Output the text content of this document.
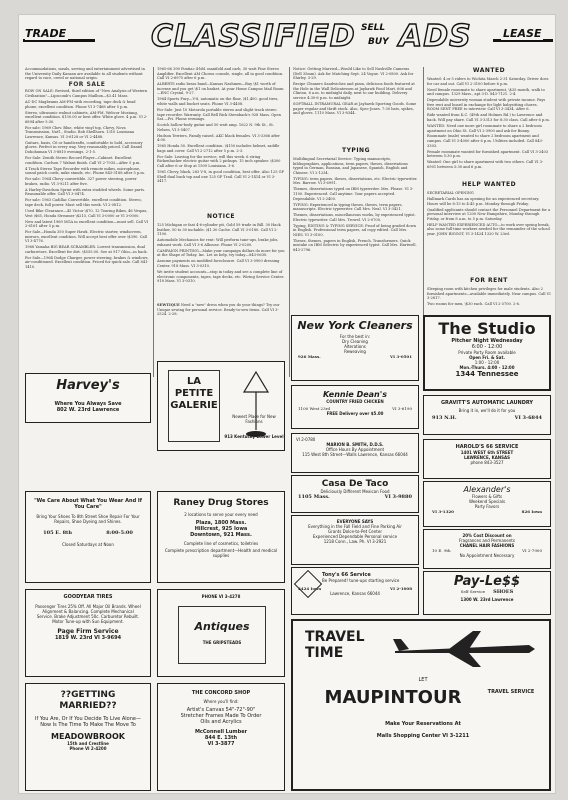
TRADE	CLASSIFIED SELL
BUY ADS	LEASE

Accommodations, meals, serving and entertainment advertised in the University Daily Kansan are available to all students without regard to race, creed or national origin.

FOR SALE

ROW ON SALE: Revised, third edition of "New Analysis of Western Civilization"—Lipscomb's Campus Mailbox—$3.41 Mass.

AC-DC Magbeams AM-FM with recording, tape deck & head phone, excellent condition. Phone VI 3-7468 after 5 p.m.

Stereo, ultrasonic walnut cabinets, AM-FM, Webcor Mustang, excellent condition. $150.00 or best offer. White glove. 4 p.m. VI 2-6894 after 5:30.

For sale: 1969 Chev. Blue, white vinyl top, Chevy, Nova Transmission, Nat'l., Studio. Bob Shellhorn. 1310 Louisiana Lawrence, Kansas. VI 3-6128 or VI 2-4488.

Guitars, basis, C6 or handicrafts, comfortable to hold, accessory gloves. Perfect in every way. Very reasonably priced. Call Daniel Dohohuman VI 3-8810 evenings. 2-1-5.

For Sale: Zenith Stereo Record Player—Cabinet. Excellent condition. Carlson 7 Walnut finish. Call VI 2-7935—After 5 p.m.

4 Track Stereo Tape Recorder with remote mikes, microphone, sound patch cords, mike stands, etc. Phone 843-3188 after 5 p.m.

For sale: 1964 Chevy convertible. 327 power steering, power brakes, radio. VI 3-9211 after five.

A Harley-Davidson Sprint with extra studded wheels. Some parts. Reasonable offer. Call VI 3-0474.

For sale: 1963 Cadillac Convertible, excellent condition. Stereo, tape deck, full power. Must sell this week. VI 2-0812.

Used Bike Clearance—45 Victor \$70, 12 Touring Bikes, 46 Vespas, Vest \$65, Honda Streamer \$215, Call VI 3-0000 or VI 3-0000.

New and latest 1969 MGA in excellent condition—must sell. Call VI 2-6161 after 5 p.m.

For Sale—Honda 350 Super Hawk. Electric starter, windscreen, mirrors, excellent condition. Will accept best offer over \$390. Call VI 3-4776.

1968 Yamaha BIG BEAR SCRAMBLER. Lowest transmission, dual carburetors. Excellent for dirt. \$555.00. See at 917 Ohio—in back.

For Sale—1964 Dodge Charger, power steering, brakes & windows, air-conditioned. Excellent condition. Priced for quick sale. Call 841-1410.

1965-66 390 Pontiac 4-bbl. manifold and carb, 30 watt Fine Stereo Amplifier. Excellent AM Chorus console, single, all in good condition. Call VI 2-6975 after 6 p.m.

ALBERTS radio brass band—Kansas Nashmen—Buy \$1 worth of incense and you get \$1 on basket. At your Home Campus Mail Room—ENC Crystal, 9-27.

1964 Sports Fury—V-8, automatic on the floor, \$1,400. good tires, white walls and bucket seats. Phone VI 3-4408.

For Sale: Just 10 Motorola portable stereo and slight track stereo tape recorder. Warranty. Call Bell Rick Steenback's 928 Mass. Open Sat.—Fri. Phone evenings.

Scotch hollow-body guitar and 50 watt amp. 1622 N. 9th St., St. Nelsen, VI 3-5407.

Hudson Terriers, Family raised. AKC black females. VI 3-3366 after 4:00.

1965 Honda 50. Excellent condition. \$150 includes helmet, saddle bags and cover. Call VI 2-2712 after 5 p.m. 2-3.

For Sale: Leaving for the service, will this week. 6 string Rickenbacker electric guitar with 2 pickups. 15 inch speaker. \$300 Call after 6 or Stop at 1509 Louisiana. 3-6.

1961 Chevy, black, 283 V-8, in good condition, best offer. Also 125 GP Shell dual buck top and one 125 GP Trail. Call VI 2-1414 or VI 3-3417.

125 Michigan or fast 4-6-cylinder pit, Gold 59 trade in Bill. 30 Hack leather, 50 to 30 inchable. \$1.30 Cache. Call VI 3-0180. Call VI 2-1100.

Automobile Mechanics for rent: Will perform tune-ups, brake jobs, exhaust work. Call VI 3-6 Alhouse. Phone VI 2-0200.

CAMPAIGN PRINTING—Make your campaign dollars do more for you at the Shape of Today. Inc. Let us help, try today—843-0630.

Assume payments on modified foreclosure. Call VI 3-0900 dressing Center. 918 Mass. VI 3-0310.

We invite student accounts—stop in today and see a complete line of electronic components, tapes, tape decks, etc. Wiring Service Center. 918 Mass. VI 3-0310.

NOTICE

SEWTIQUE Need a "new" dress when you do your things? Try our Unique sewing for personal service. Ready-to-sew items. Call VI 3-2524. 2-28.

Notice: Getting Married—Would Like to Sell Nashville Cameras (Dell 35mm). Ask for Matching Sept. 24 Vogue. VI 2-0800. Ask for Shirley. 3-29.

Recipe Cleaners Sandwiches and pizza, delicious foods featured at the Hole in the Wall Delicatessen at Jayhawk Food Mart, 606 and Clinton, 6 a.m. to midnight daily, next to our building. Delivery service 4:30-6 p.m. to midnight.

SOFTBALL INTRAMURAL GEAR at Jayhawk Sporting Goods. Some paper regular and thrift stock. Also, Spec-Jones. 7:30 bats, spikes, and gloves. 1110 Mass. VI 3-8344.

TYPING

Multilingual Secretarial Service: Typing manuscripts, bibliographies, applications, term papers, theses, dissertations typed in German, Russian, and Japanese, Spanish, English and Chinese. VI 2-1234.

TYPING: term papers, theses, dissertations, etc. Electric typewriter. Mrs. Barrow. VI 3-6991.

Themes, dissertations typed on IBM typewriter. Mrs. Please. VI 3-1100. Experienced. Call anytime. Your papers accepted. Dependable. VI 2-2400.

TYPING: Experienced in typing theses, theses, term papers, manuscripts. Electric typewriter. Call Mrs. Neal. VI 3-3421.

Themes, dissertations, miscellaneous works, by experienced typist. Electric typewriter. Call Mrs. Trowel. VI 2-0700.

Typing, EDITING & TYPING SERVICE: Proof of being graded down in English. Professional term papers, ad copy edited. Call Mrs. NIES. VI 3-0100.

Theses, themes, papers in English, French, Transformers. Quick mistake on IBM Selectric by experienced typist. Call Mrs. Hartwell. 843-2796.

WANTED

Wanted: 4 or 5 riders to Wichita March 2-31 Saturday. Driver does for car and out. Call VI 2-3100 before 6 p.m.

Need female roommate to share apartment, \$35 month, walk to and campus. 1329 Mass., apt 3-D. 843-7121. 2-4.

Dependable university woman student with private income. Pays free rent and board in exchange for light babysitting chores. ROOM SENT FREE to interview. Call VI 3-3434. After 6.

Ride wanted from K.C. (49th and Holmes Rd.) to Lawrence and back. Will pay share. Call VI 3-3313 for 8:30 class. Call after 6 p.m.

WANTED: Need one more girl roommate to share a 2 bedroom apartment on Ohio St. Call VI 2-3900 and ask for Bunny.

Roommate (male) wanted to share 2 bedroom apartment and campus. Call VI 3-4000 after 6 p.m. Utilities included. Call 843-3303.

Female roommate wanted for furnished apartment. Call VI 3-2403 between 5:30 p.m.

Wanted: One girl to share apartment with two others. Call VI 3-6901 between 5:30 and 6 p.m.

HELP WANTED

SECRETARIAL OPENING

Hallmark Cards has an opening for an experienced secretary. Hours will be 8:15 to 4:45 p.m. Monday through Friday.

Qualified applicants should contact the Personnel Department for a personal interview at 1200 New Hampshire, Monday through Friday, or from 8 a.m. to 5 p.m. Saturday.

HELP WANTED EXPERIENCED AUTO—to work over spring break, also some full-time workers needed for the remainder of the school year. JOHN BIGGOT, VI 3-1424 1320 W. 23rd.

Harvey's
Where You Always Save
802 W. 23rd Lawrence
"We Care About What You Wear And If You Care"
Bring Your Shoes To 8th Street Shoe Repair For Your Repairs, Shoe Dyeing and Shines.
105 E. 8th	8:00-5:00
Closed Saturdays at Noon
GOODYEAR TIRES
Passenger Tires 25% Off. All Major Oil Brands. Wheel Alignment & Balancing. Complete Mechanical Service. Brake Adjustment 50c. Carburetor Rebuilt. Motor Tune-up with Sun Equipment.
Page Firm Service
1819 W. 23rd VI 3-9694
??GETTING MARRIED??
If You Are, Or If You Decide To Live Alone—Now Is The Time To Make The Move To
MEADOWBROOK
15th and Crestline
Phone VI 2-4200
LA PETITE GALERIE
Newest Place for New Fashions
913 Kentucky Lower Level
Raney Drug Stores
2 locations to serve your every need
Plaza, 1800 Mass.
Hillcrest, 925 Iowa
Downtown, 921 Mass.
Complete line of cosmetics, toiletries
Complete prescription department—Health and medical supplies
PHONE VI 3-4278
Antiques
THE GRIPSTEADS
THE CONCORD SHOP
Where you'll find:
Artist's Canvas 54"-72"-90"
Stretcher Frames Made To Order
Oils and Acrylics
McConnell Lumber
844 E. 13th
VI 3-3877
New York Cleaners
For the best in:
Dry Cleaning
Alterations
Reweaving
926 Mass.	VI 3-0501
Kennie Dean's
COUNTRY FRIED CHICKEN
1100 West 23rd	VI 3-6190
FREE Delivery over $5.00
VI 2-0780
MARION B. SMITH, D.D.S.
Office Hours By Appointment
115 West 8th Street—Walls Lawrence, Kansas 66044
Casa De Taco
Deliciously Different Mexican Food
1105 Mass.	VI 3-9880
EVERYONE SAYS
Everything in the Fall Field and Fine Parking Air
Grants Dolce-to-Pet Center
Experienced Dependable Personal service
1218 Conn., Law. Ph. VI 3-2921
Tony's 66 Service
Be Prepared! tune-ups starting service
2424 Iowa	VI 2-1008
Lawrence, Kansas 66044
The Studio
Pitcher Night Wednesday
6:00 - 12:00
Private Party Room available
Open Fri. & Sat.
1:00 - 12:00
Mon.-Thurs. 4:00 - 12:00
1344 Tennessee
GRAVITT'S AUTOMATIC LAUNDRY
Bring it in, we'll do it for you
913 N.H.	VI 3-6844
HAROLD'S 66 SERVICE
1401 WEST 6th STREET
LAWRENCE, KANSAS
phone 843-3527
Alexander's
Flowers & Gifts
Weekend Specials
Party Favors
VI 3-1320	826 Iowa
20% Cost Discount on
Fragrances and Permanents
CHANEL HAIR FASHIONS
10 E. 9th	VI 2-7900
No Appointment Necessary
Pay-Le$$
Self Service SHOES
1300 W. 23rd Lawrence
TRAVEL TIME
LET
MAUPINTOUR	TRAVEL SERVICE
Make Your Reservations At
Malls Shopping Center VI 3-1211
FOR RENT

Sleeping room with kitchen privileges for male students. Also 2 furnished apartments—available immediately. Near campus. Call VI 3-2817.

Two rooms for men, \$30 each. Call VI 2-3700. 2-6.
